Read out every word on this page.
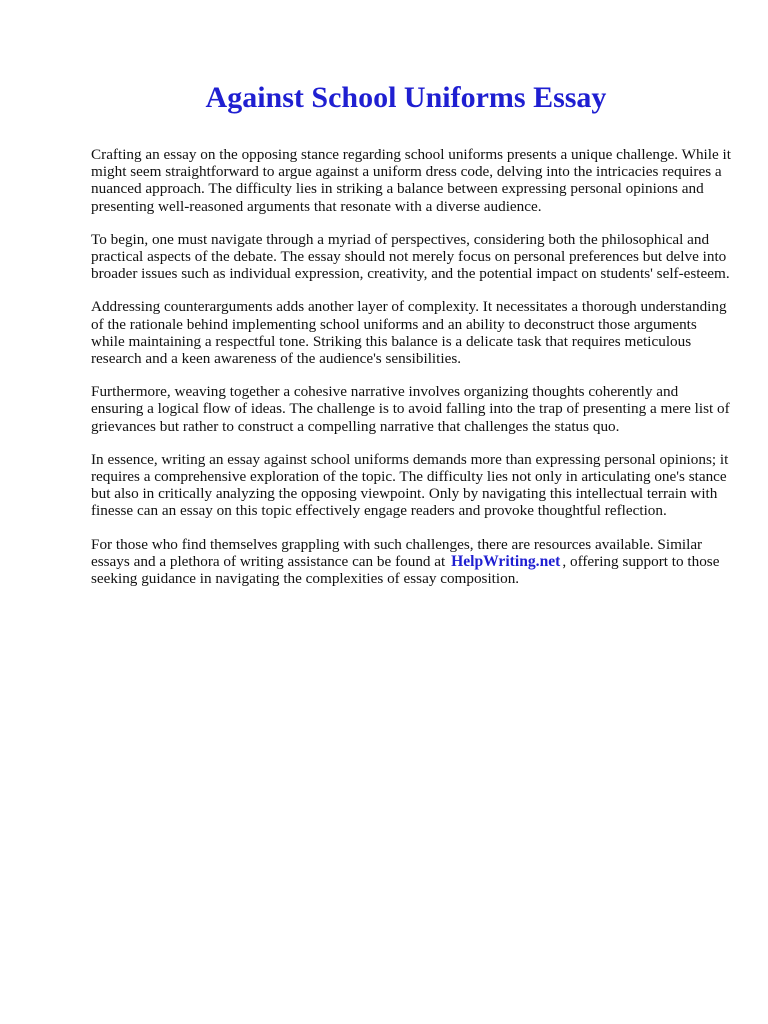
Against School Uniforms Essay

Crafting an essay on the opposing stance regarding school uniforms presents a unique challenge. While it might seem straightforward to argue against a uniform dress code, delving into the intricacies requires a nuanced approach. The difficulty lies in striking a balance between expressing personal opinions and presenting well-reasoned arguments that resonate with a diverse audience.

To begin, one must navigate through a myriad of perspectives, considering both the philosophical and practical aspects of the debate. The essay should not merely focus on personal preferences but delve into broader issues such as individual expression, creativity, and the potential impact on students' self-esteem.

Addressing counterarguments adds another layer of complexity. It necessitates a thorough understanding of the rationale behind implementing school uniforms and an ability to deconstruct those arguments while maintaining a respectful tone. Striking this balance is a delicate task that requires meticulous research and a keen awareness of the audience's sensibilities.

Furthermore, weaving together a cohesive narrative involves organizing thoughts coherently and ensuring a logical flow of ideas. The challenge is to avoid falling into the trap of presenting a mere list of grievances but rather to construct a compelling narrative that challenges the status quo.

In essence, writing an essay against school uniforms demands more than expressing personal opinions; it requires a comprehensive exploration of the topic. The difficulty lies not only in articulating one's stance but also in critically analyzing the opposing viewpoint. Only by navigating this intellectual terrain with finesse can an essay on this topic effectively engage readers and provoke thoughtful reflection.

For those who find themselves grappling with such challenges, there are resources available. Similar essays and a plethora of writing assistance can be found at HelpWriting.net , offering support to those seeking guidance in navigating the complexities of essay composition.
